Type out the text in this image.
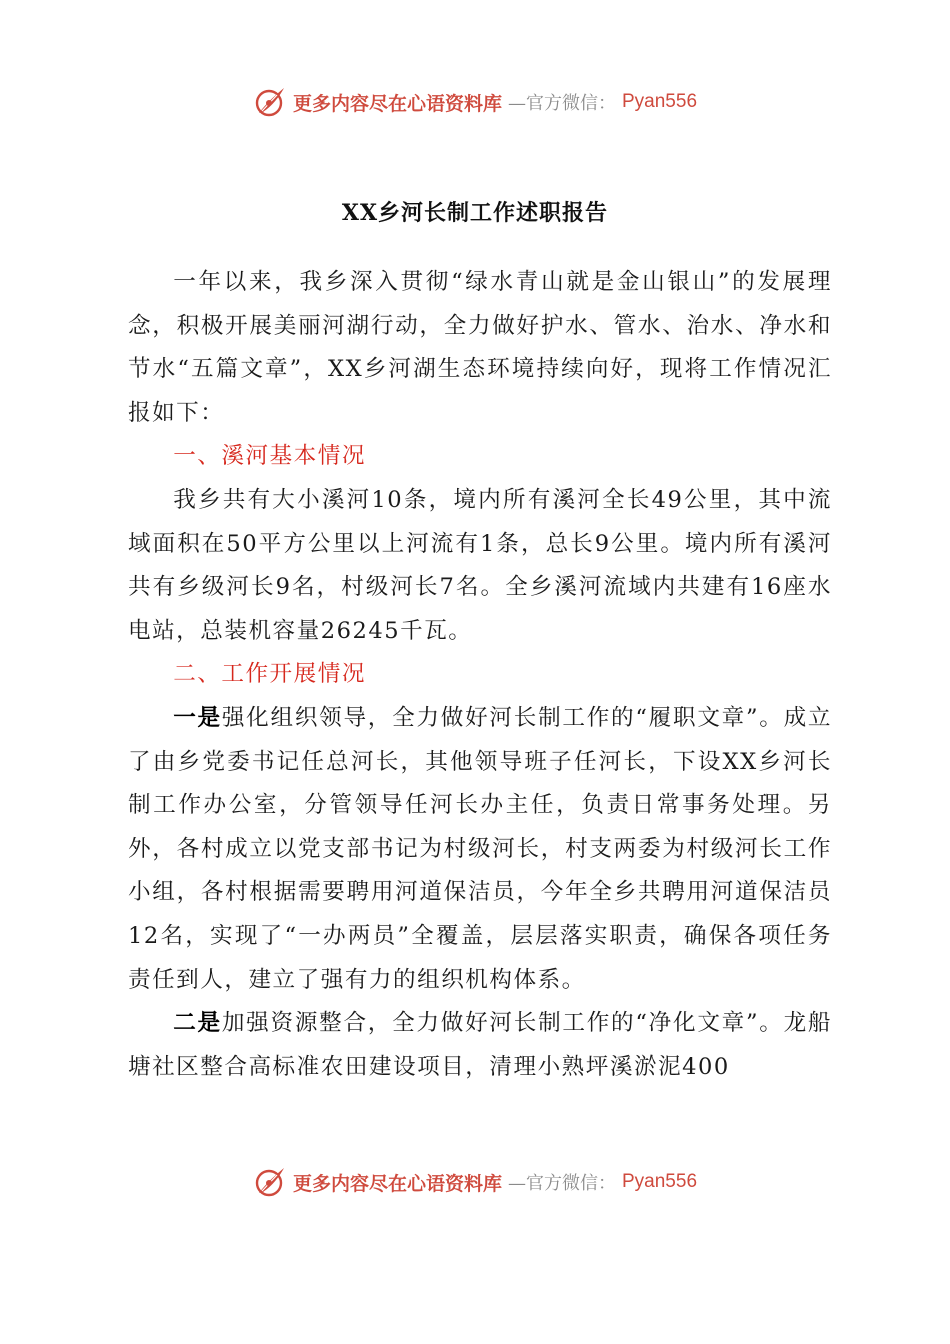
更多内容尽在心语资料库 —官方微信： Pyan556
XX乡河长制工作述职报告

一年以来，我乡深入贯彻“绿水青山就是金山银山”的发展理念，积极开展美丽河湖行动，全力做好护水、管水、治水、净水和节水“五篇文章”，XX乡河湖生态环境持续向好，现将工作情况汇报如下：

一、溪河基本情况

我乡共有大小溪河10条，境内所有溪河全长49公里，其中流域面积在50平方公里以上河流有1条，总长9公里。境内所有溪河共有乡级河长9名，村级河长7名。全乡溪河流域内共建有16座水电站，总装机容量26245千瓦。

二、工作开展情况

一是强化组织领导，全力做好河长制工作的“履职文章”。成立了由乡党委书记任总河长，其他领导班子任河长，下设XX乡河长制工作办公室，分管领导任河长办主任，负责日常事务处理。另外，各村成立以党支部书记为村级河长，村支两委为村级河长工作小组，各村根据需要聘用河道保洁员，今年全乡共聘用河道保洁员12名，实现了“一办两员”全覆盖，层层落实职责，确保各项任务责任到人，建立了强有力的组织机构体系。

二是加强资源整合，全力做好河长制工作的“净化文章”。龙船塘社区整合高标准农田建设项目，清理小熟坪溪淤泥400

更多内容尽在心语资料库 —官方微信： Pyan556
